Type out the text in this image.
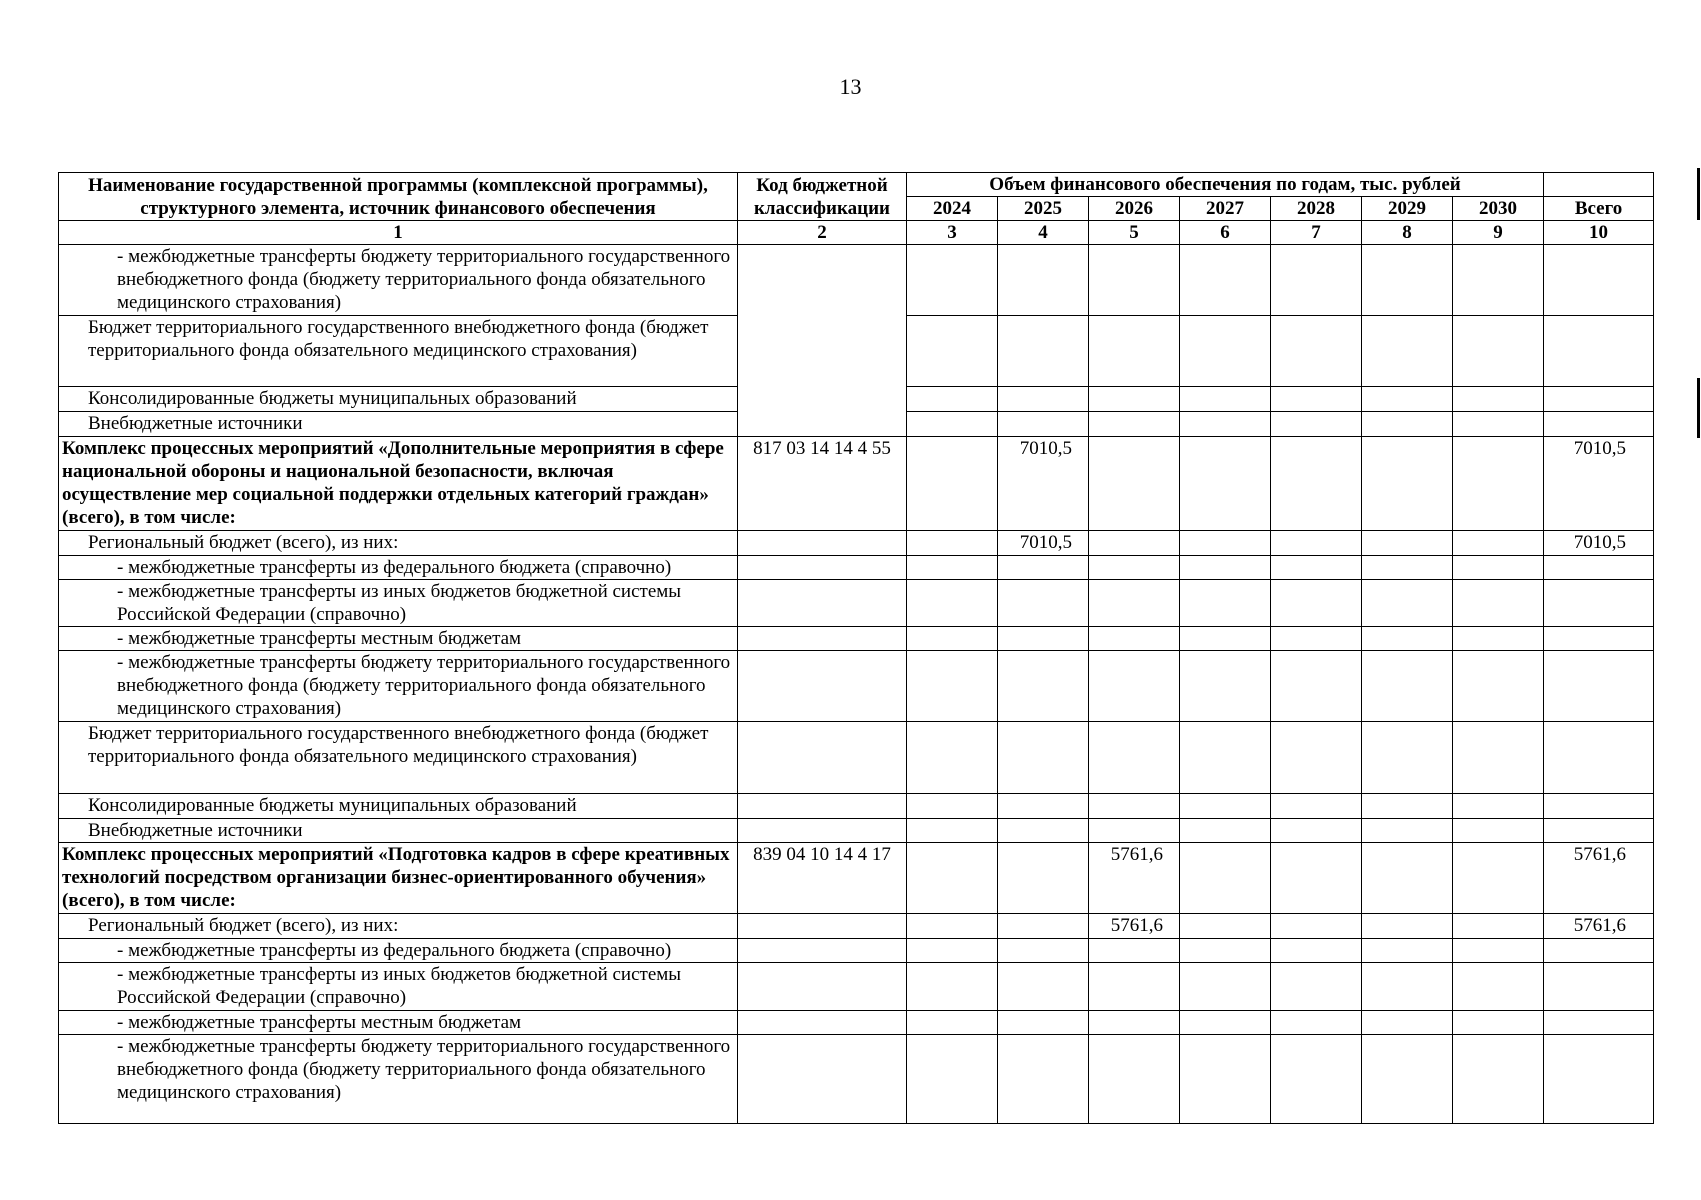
13
Наименование государственной программы (комплексной программы), структурного элемента, источник финансового обеспечения	Код бюджетной классификации	Объем финансового обеспечения по годам, тыс. рублей							
		2024	2025	2026	2027	2028	2029	2030	Всего
1	2	3	4	5	6	7	8	9	10
- межбюджетные трансферты бюджету территориального государственного внебюджетного фонда (бюджету территориального фонда обязательного медицинского страхования)									
Бюджет территориального государственного внебюджетного фонда (бюджет территориального фонда обязательного медицинского страхования)									
Консолидированные бюджеты муниципальных образований									
Внебюджетные источники									
Комплекс процессных мероприятий «Дополнительные мероприятия в сфере национальной обороны и национальной безопасности, включая осуществление мер социальной поддержки отдельных категорий граждан» (всего), в том числе:	817 03 14 14 4 55		7010,5						7010,5
Региональный бюджет (всего), из них:			7010,5						7010,5
- межбюджетные трансферты из федерального бюджета (справочно)									
- межбюджетные трансферты из иных бюджетов бюджетной системы Российской Федерации (справочно)									
- межбюджетные трансферты местным бюджетам									
- межбюджетные трансферты бюджету территориального государственного внебюджетного фонда (бюджету территориального фонда обязательного медицинского страхования)									
Бюджет территориального государственного внебюджетного фонда (бюджет территориального фонда обязательного медицинского страхования)									
Консолидированные бюджеты муниципальных образований									
Внебюджетные источники									
Комплекс процессных мероприятий «Подготовка кадров в сфере креативных технологий посредством организации бизнес-ориентированного обучения» (всего), в том числе:	839 04 10 14 4 17			5761,6					5761,6
Региональный бюджет (всего), из них:				5761,6					5761,6
- межбюджетные трансферты из федерального бюджета (справочно)									
- межбюджетные трансферты из иных бюджетов бюджетной системы Российской Федерации (справочно)									
- межбюджетные трансферты местным бюджетам									
- межбюджетные трансферты бюджету территориального государственного внебюджетного фонда (бюджету территориального фонда обязательного медицинского страхования)									
